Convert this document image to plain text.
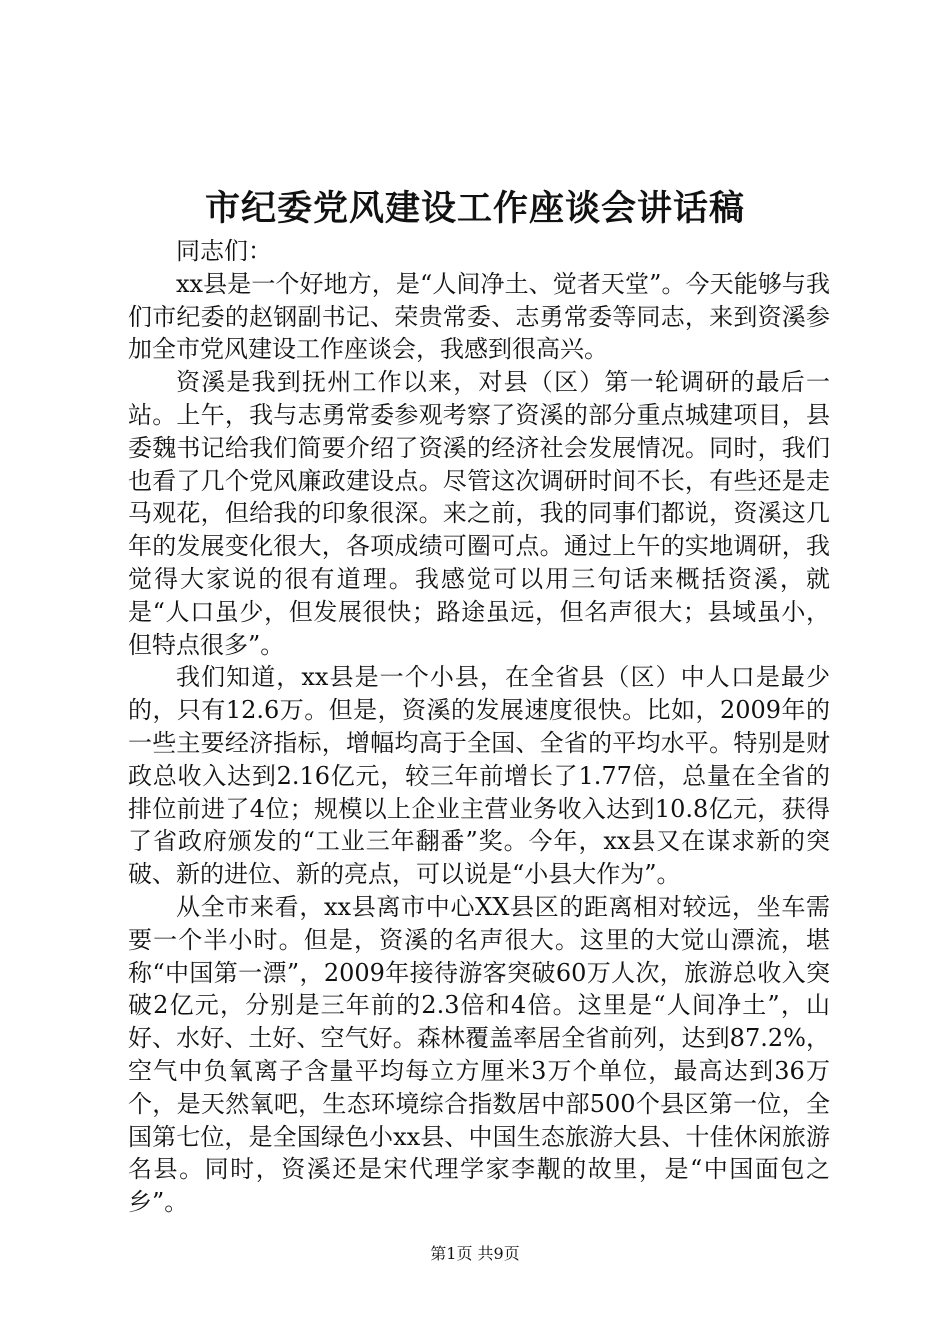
市纪委党风建设工作座谈会讲话稿

同志们：

xx县是一个好地方，是“人间净土、觉者天堂”。今天能够与我们市纪委的赵钢副书记、荣贵常委、志勇常委等同志，来到资溪参加全市党风建设工作座谈会，我感到很高兴。

资溪是我到抚州工作以来，对县（区）第一轮调研的最后一站。上午，我与志勇常委参观考察了资溪的部分重点城建项目，县委魏书记给我们简要介绍了资溪的经济社会发展情况。同时，我们也看了几个党风廉政建设点。尽管这次调研时间不长，有些还是走马观花，但给我的印象很深。来之前，我的同事们都说，资溪这几年的发展变化很大，各项成绩可圈可点。通过上午的实地调研，我觉得大家说的很有道理。我感觉可以用三句话来概括资溪，就是“人口虽少，但发展很快；路途虽远，但名声很大；县域虽小，但特点很多”。

我们知道，xx县是一个小县，在全省县（区）中人口是最少的，只有12.6万。但是，资溪的发展速度很快。比如，2009年的一些主要经济指标，增幅均高于全国、全省的平均水平。特别是财政总收入达到2.16亿元，较三年前增长了1.77倍，总量在全省的排位前进了4位；规模以上企业主营业务收入达到10.8亿元，获得了省政府颁发的“工业三年翻番”奖。今年，xx县又在谋求新的突破、新的进位、新的亮点，可以说是“小县大作为”。

从全市来看，xx县离市中心XX县区的距离相对较远，坐车需要一个半小时。但是，资溪的名声很大。这里的大觉山漂流，堪称“中国第一漂”，2009年接待游客突破60万人次，旅游总收入突破2亿元，分别是三年前的2.3倍和4倍。这里是“人间净土”，山好、水好、土好、空气好。森林覆盖率居全省前列，达到87.2%，空气中负氧离子含量平均每立方厘米3万个单位，最高达到36万个，是天然氧吧，生态环境综合指数居中部500个县区第一位，全国第七位，是全国绿色小xx县、中国生态旅游大县、十佳休闲旅游名县。同时，资溪还是宋代理学家李觏的故里，是“中国面包之乡”。

第1页 共9页
